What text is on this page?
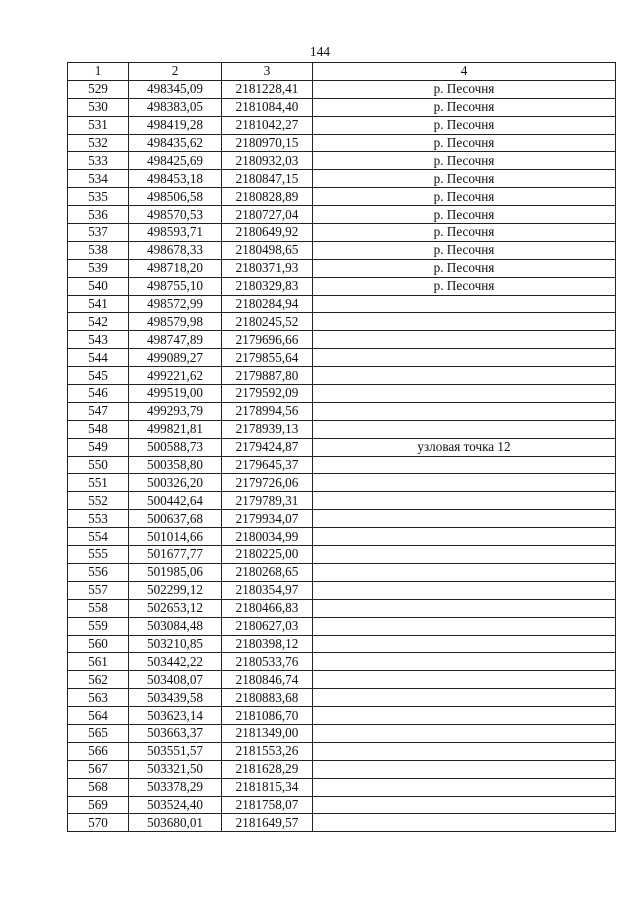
144
1	2	3	4
529	498345,09	2181228,41	р. Песочня
530	498383,05	2181084,40	р. Песочня
531	498419,28	2181042,27	р. Песочня
532	498435,62	2180970,15	р. Песочня
533	498425,69	2180932,03	р. Песочня
534	498453,18	2180847,15	р. Песочня
535	498506,58	2180828,89	р. Песочня
536	498570,53	2180727,04	р. Песочня
537	498593,71	2180649,92	р. Песочня
538	498678,33	2180498,65	р. Песочня
539	498718,20	2180371,93	р. Песочня
540	498755,10	2180329,83	р. Песочня
541	498572,99	2180284,94	
542	498579,98	2180245,52	
543	498747,89	2179696,66	
544	499089,27	2179855,64	
545	499221,62	2179887,80	
546	499519,00	2179592,09	
547	499293,79	2178994,56	
548	499821,81	2178939,13	
549	500588,73	2179424,87	узловая точка 12
550	500358,80	2179645,37	
551	500326,20	2179726,06	
552	500442,64	2179789,31	
553	500637,68	2179934,07	
554	501014,66	2180034,99	
555	501677,77	2180225,00	
556	501985,06	2180268,65	
557	502299,12	2180354,97	
558	502653,12	2180466,83	
559	503084,48	2180627,03	
560	503210,85	2180398,12	
561	503442,22	2180533,76	
562	503408,07	2180846,74	
563	503439,58	2180883,68	
564	503623,14	2181086,70	
565	503663,37	2181349,00	
566	503551,57	2181553,26	
567	503321,50	2181628,29	
568	503378,29	2181815,34	
569	503524,40	2181758,07	
570	503680,01	2181649,57	
